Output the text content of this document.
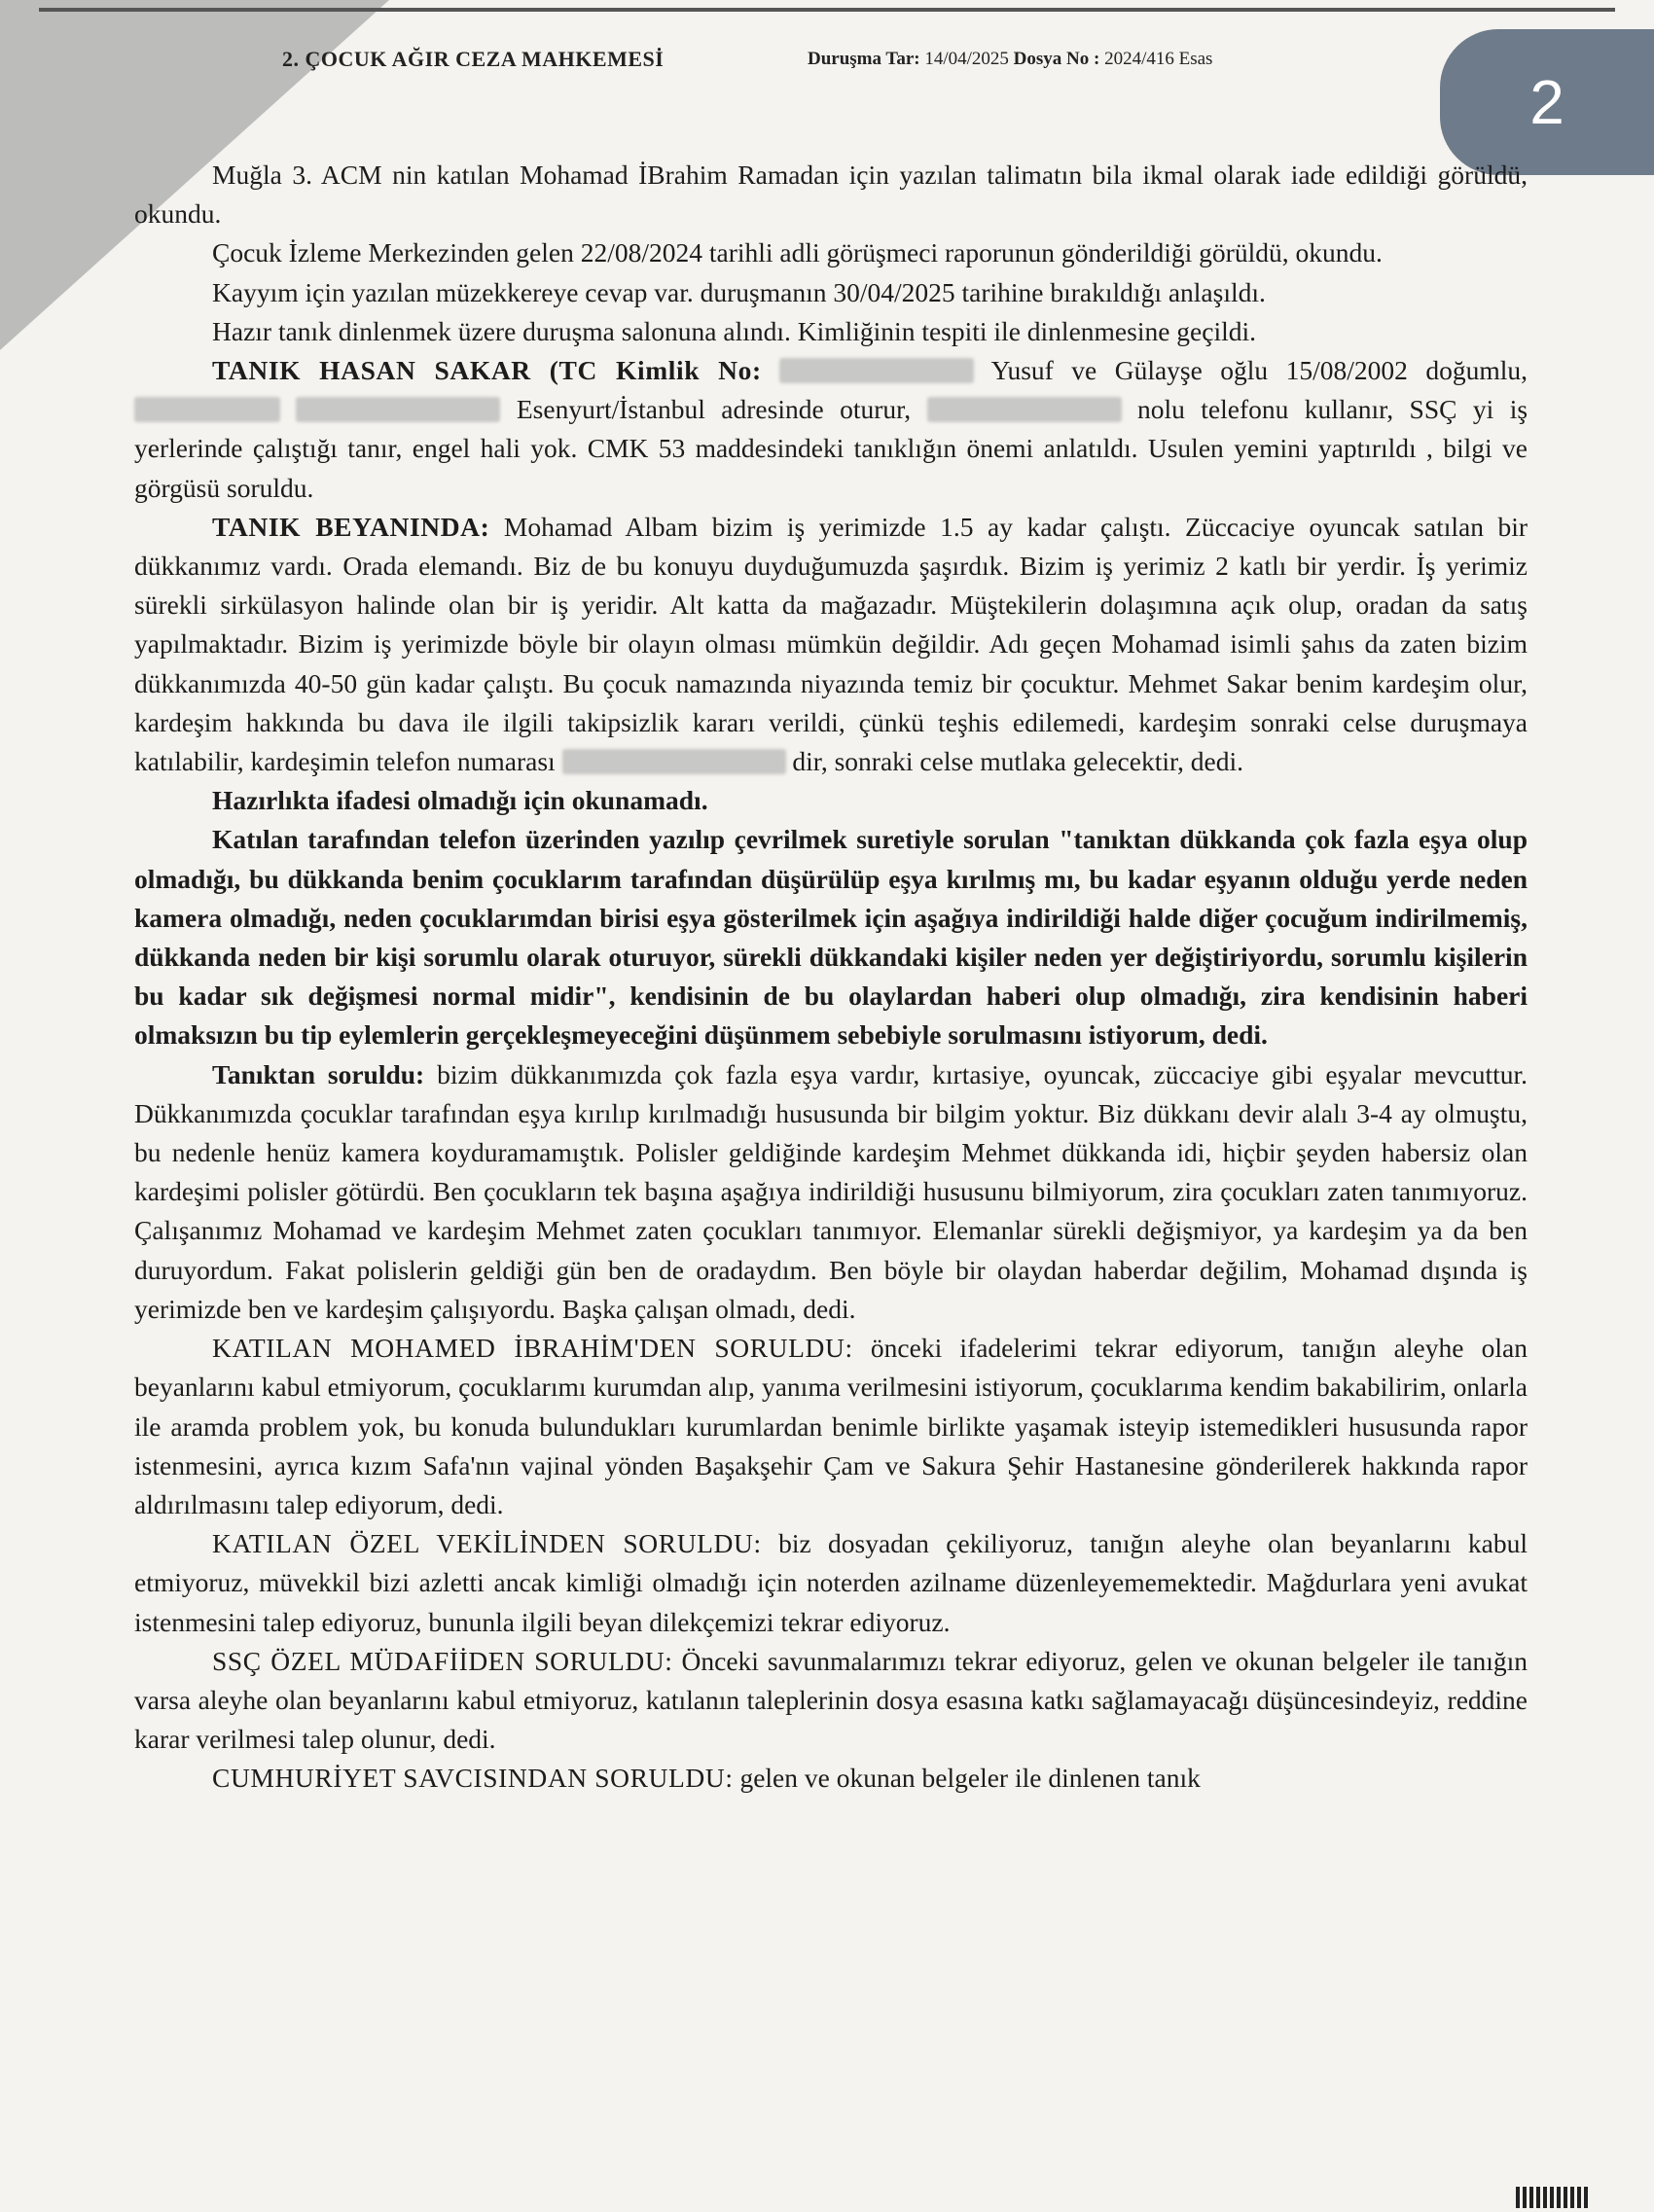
2. ÇOCUK AĞIR CEZA MAHKEMESİ	Duruşma Tar: 14/04/2025 Dosya No : 2024/416 Esas
2

Muğla 3. ACM nin katılan Mohamad İBrahim Ramadan için yazılan talimatın bila ikmal olarak iade edildiği görüldü, okundu.

Çocuk İzleme Merkezinden gelen 22/08/2024 tarihli adli görüşmeci raporunun gönderildiği görüldü, okundu.

Kayyım için yazılan müzekkereye cevap var. duruşmanın 30/04/2025 tarihine bırakıldığı anlaşıldı.

Hazır tanık dinlenmek üzere duruşma salonuna alındı. Kimliğinin tespiti ile dinlenmesine geçildi.

TANIK HASAN SAKAR (TC Kimlik No:	Yusuf ve Gülayşe oğlu 15/08/2002 doğumlu,   Esenyurt/İstanbul adresinde oturur,	nolu telefonu kullanır, SSÇ yi iş yerlerinde çalıştığı tanır, engel hali yok. CMK 53 maddesindeki tanıklığın önemi anlatıldı. Usulen yemini yaptırıldı , bilgi ve görgüsü soruldu.

TANIK BEYANINDA: Mohamad Albam bizim iş yerimizde 1.5 ay kadar çalıştı. Züccaciye oyuncak satılan bir dükkanımız vardı. Orada elemandı. Biz de bu konuyu duyduğumuzda şaşırdık. Bizim iş yerimiz 2 katlı bir yerdir. İş yerimiz sürekli sirkülasyon halinde olan bir iş yeridir. Alt katta da mağazadır. Müştekilerin dolaşımına açık olup, oradan da satış yapılmaktadır. Bizim iş yerimizde böyle bir olayın olması mümkün değildir. Adı geçen Mohamad isimli şahıs da zaten bizim dükkanımızda 40-50 gün kadar çalıştı. Bu çocuk namazında niyazında temiz bir çocuktur. Mehmet Sakar benim kardeşim olur, kardeşim hakkında bu dava ile ilgili takipsizlik kararı verildi, çünkü teşhis edilemedi, kardeşim sonraki celse duruşmaya katılabilir, kardeşimin telefon numarası	dir, sonraki celse mutlaka gelecektir, dedi.

Hazırlıkta ifadesi olmadığı için okunamadı.

Katılan tarafından telefon üzerinden yazılıp çevrilmek suretiyle sorulan "tanıktan dükkanda çok fazla eşya olup olmadığı, bu dükkanda benim çocuklarım tarafından düşürülüp eşya kırılmış mı, bu kadar eşyanın olduğu yerde neden kamera olmadığı, neden çocuklarımdan birisi eşya gösterilmek için aşağıya indirildiği halde diğer çocuğum indirilmemiş, dükkanda neden bir kişi sorumlu olarak oturuyor, sürekli dükkandaki kişiler neden yer değiştiriyordu, sorumlu kişilerin bu kadar sık değişmesi normal midir", kendisinin de bu olaylardan haberi olup olmadığı, zira kendisinin haberi olmaksızın bu tip eylemlerin gerçekleşmeyeceğini düşünmem sebebiyle sorulmasını istiyorum, dedi.

Tanıktan soruldu: bizim dükkanımızda çok fazla eşya vardır, kırtasiye, oyuncak, züccaciye gibi eşyalar mevcuttur. Dükkanımızda çocuklar tarafından eşya kırılıp kırılmadığı hususunda bir bilgim yoktur. Biz dükkanı devir alalı 3-4 ay olmuştu, bu nedenle henüz kamera koyduramamıştık. Polisler geldiğinde kardeşim Mehmet dükkanda idi, hiçbir şeyden habersiz olan kardeşimi polisler götürdü. Ben çocukların tek başına aşağıya indirildiği hususunu bilmiyorum, zira çocukları zaten tanımıyoruz. Çalışanımız Mohamad ve kardeşim Mehmet zaten çocukları tanımıyor. Elemanlar sürekli değişmiyor, ya kardeşim ya da ben duruyordum. Fakat polislerin geldiği gün ben de oradaydım. Ben böyle bir olaydan haberdar değilim, Mohamad dışında iş yerimizde ben ve kardeşim çalışıyordu. Başka çalışan olmadı, dedi.

KATILAN MOHAMED İBRAHİM'DEN SORULDU: önceki ifadelerimi tekrar ediyorum, tanığın aleyhe olan beyanlarını kabul etmiyorum, çocuklarımı kurumdan alıp, yanıma verilmesini istiyorum, çocuklarıma kendim bakabilirim, onlarla ile aramda problem yok, bu konuda bulundukları kurumlardan benimle birlikte yaşamak isteyip istemedikleri hususunda rapor istenmesini, ayrıca kızım Safa'nın vajinal yönden Başakşehir Çam ve Sakura Şehir Hastanesine gönderilerek hakkında rapor aldırılmasını talep ediyorum, dedi.

KATILAN ÖZEL VEKİLİNDEN SORULDU: biz dosyadan çekiliyoruz, tanığın aleyhe olan beyanlarını kabul etmiyoruz, müvekkil bizi azletti ancak kimliği olmadığı için noterden azilname düzenleyememektedir. Mağdurlara yeni avukat istenmesini talep ediyoruz, bununla ilgili beyan dilekçemizi tekrar ediyoruz.

SSÇ ÖZEL MÜDAFİİDEN SORULDU: Önceki savunmalarımızı tekrar ediyoruz, gelen ve okunan belgeler ile tanığın varsa aleyhe olan beyanlarını kabul etmiyoruz, katılanın taleplerinin dosya esasına katkı sağlamayacağı düşüncesindeyiz, reddine karar verilmesi talep olunur, dedi.

CUMHURİYET SAVCISINDAN SORULDU: gelen ve okunan belgeler ile dinlenen tanık
